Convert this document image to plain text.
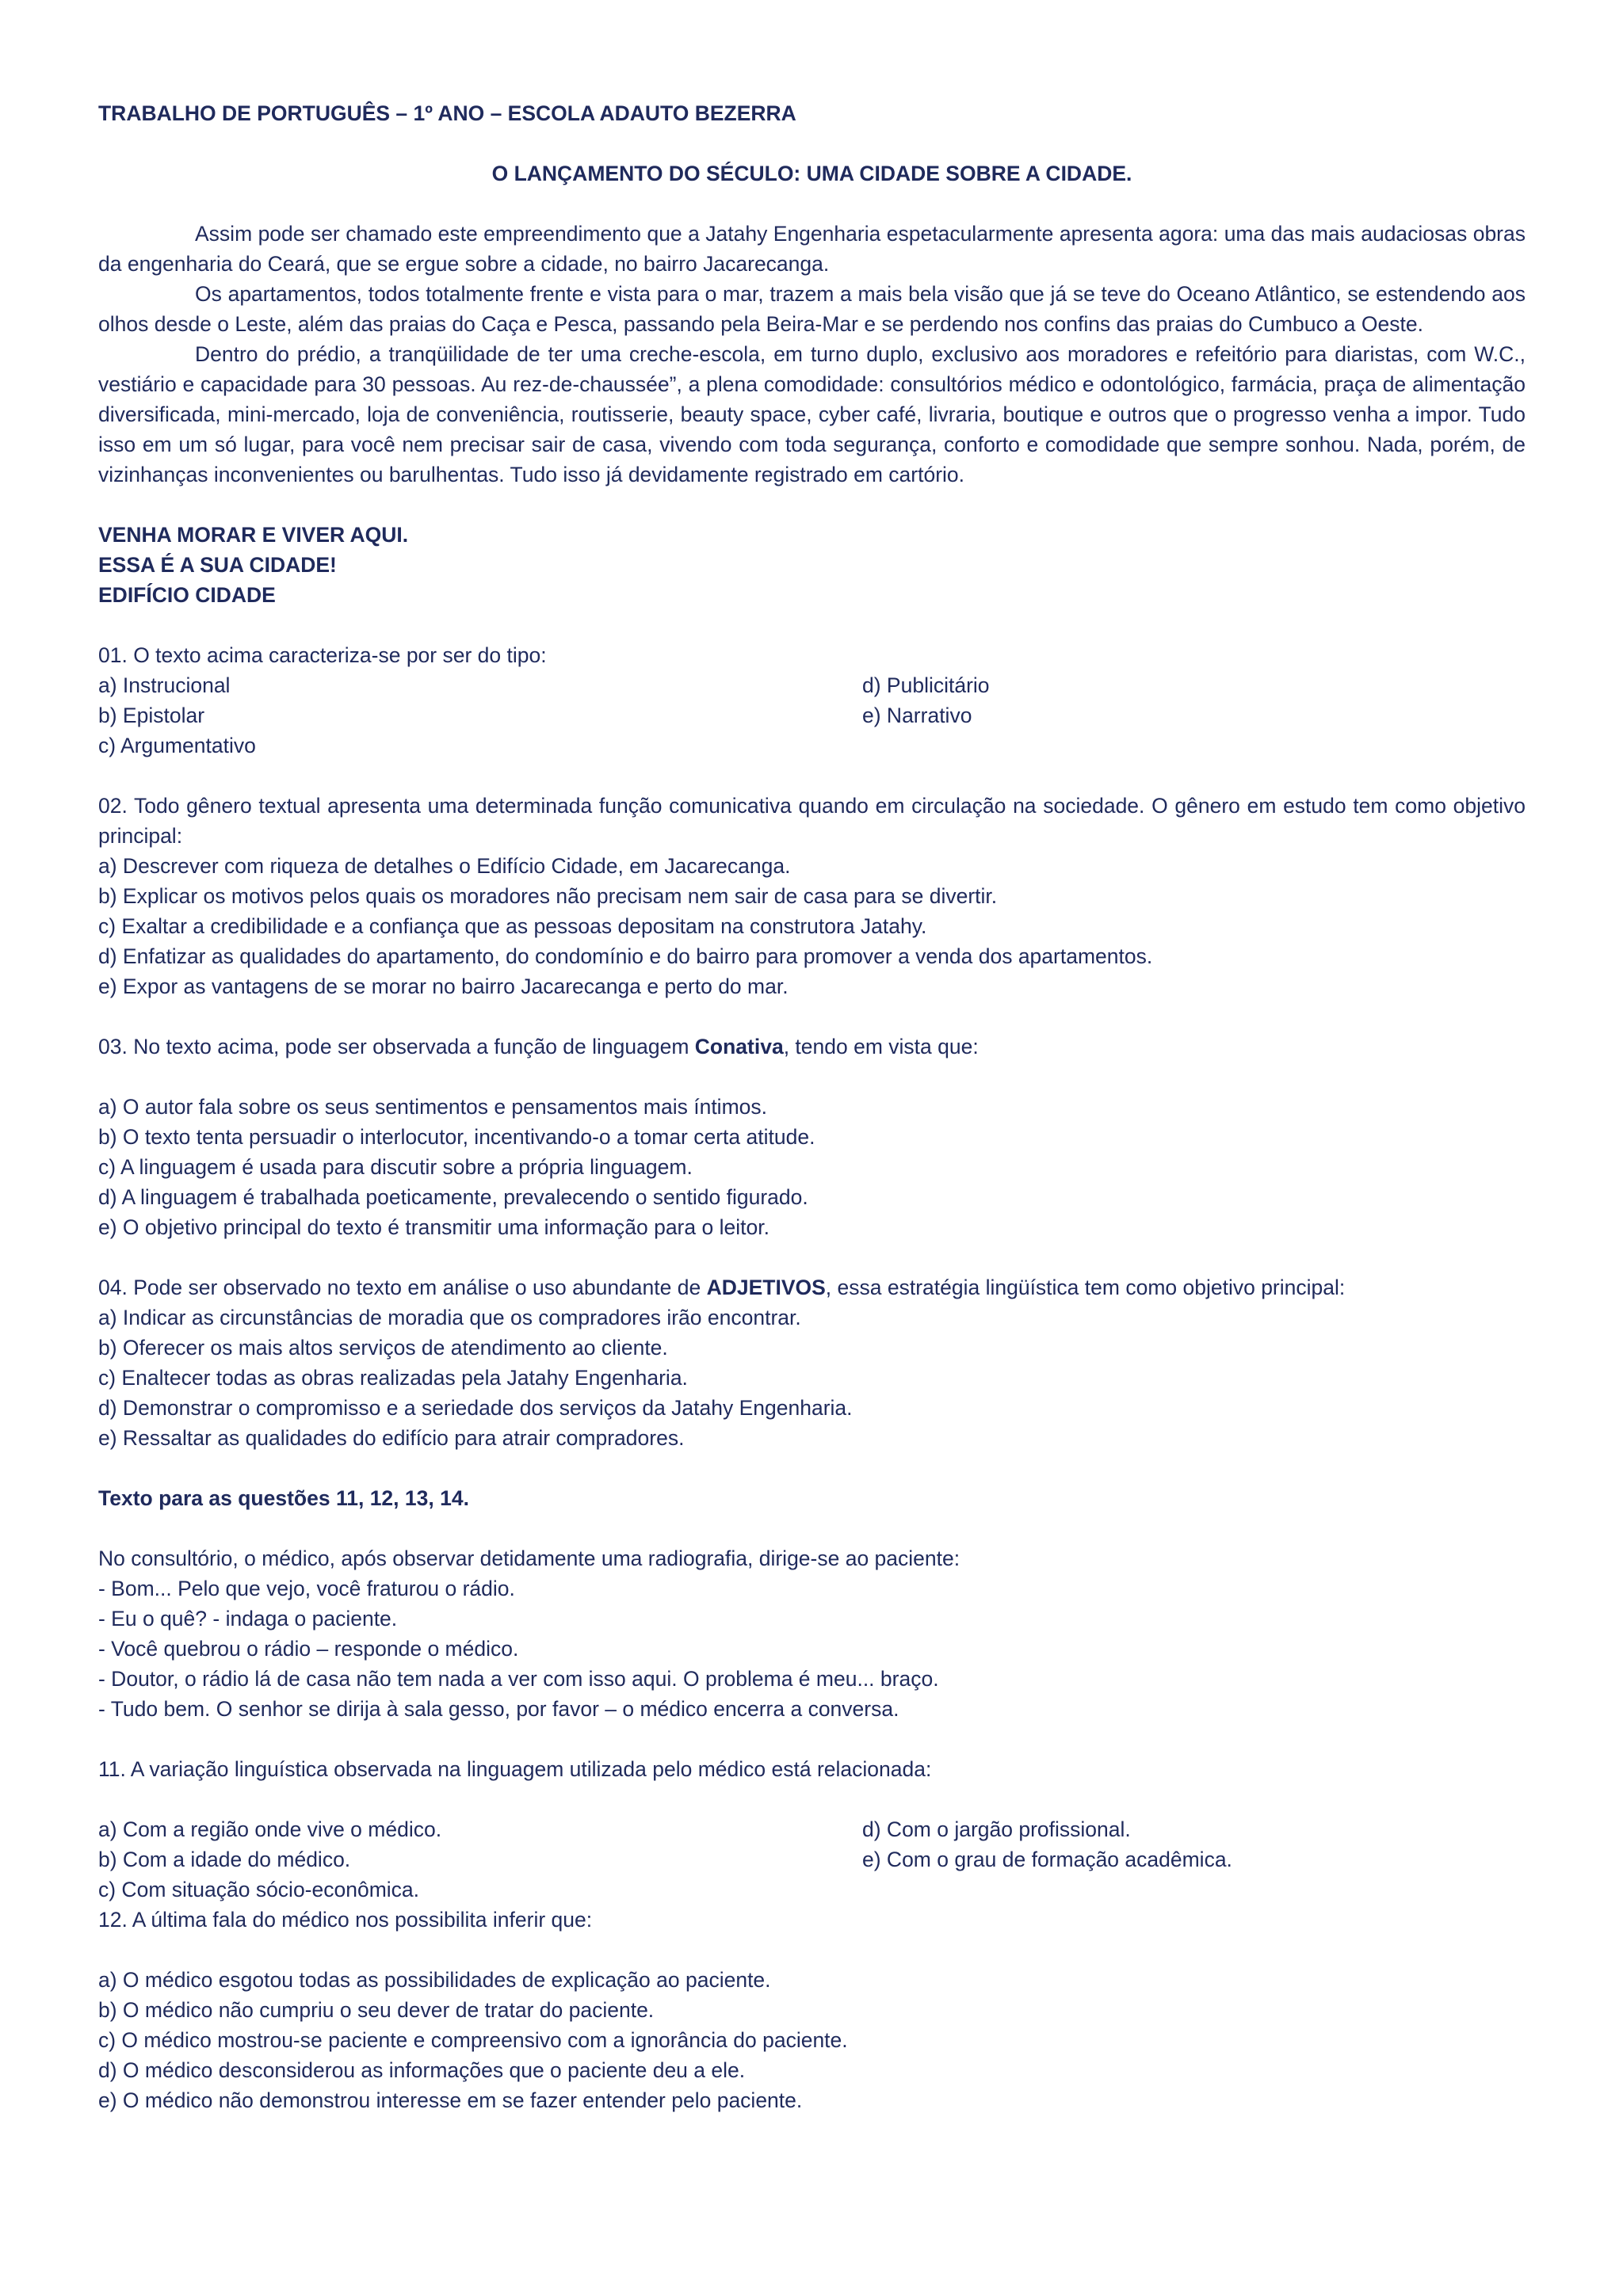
TRABALHO DE PORTUGUÊS – 1º ANO – ESCOLA ADAUTO BEZERRA
O LANÇAMENTO DO SÉCULO: UMA CIDADE SOBRE A CIDADE.

Assim pode ser chamado este empreendimento que a Jatahy Engenharia espetacularmente apresenta agora: uma das mais audaciosas obras da engenharia do Ceará, que se ergue sobre a cidade, no bairro Jacarecanga.

Os apartamentos, todos totalmente frente e vista para o mar, trazem a mais bela visão que já se teve do Oceano Atlântico, se estendendo aos olhos desde o Leste, além das praias do Caça e Pesca, passando pela Beira-Mar e se perdendo nos confins das praias do Cumbuco a Oeste.

Dentro do prédio, a tranqüilidade de ter uma creche-escola, em turno duplo, exclusivo aos moradores e refeitório para diaristas, com W.C., vestiário e capacidade para 30 pessoas. Au rez-de-chaussée”, a plena comodidade: consultórios médico e odontológico, farmácia, praça de alimentação diversificada, mini-mercado, loja de conveniência, routisserie, beauty space, cyber café, livraria, boutique e outros que o progresso venha a impor. Tudo isso em um só lugar, para você nem precisar sair de casa, vivendo com toda segurança, conforto e comodidade que sempre sonhou. Nada, porém, de vizinhanças inconvenientes ou barulhentas. Tudo isso já devidamente registrado em cartório.

VENHA MORAR E VIVER AQUI.
ESSA É A SUA CIDADE!
EDIFÍCIO CIDADE
01. O texto acima caracteriza-se por ser do tipo:
a) Instrucional
b) Epistolar
c) Argumentativo
d) Publicitário
e) Narrativo
02. Todo gênero textual apresenta uma determinada função comunicativa quando em circulação na sociedade. O gênero em estudo tem como objetivo principal:
a) Descrever com riqueza de detalhes o Edifício Cidade, em Jacarecanga.
b) Explicar os motivos pelos quais os moradores não precisam nem sair de casa para se divertir.
c) Exaltar a credibilidade e a confiança que as pessoas depositam na construtora Jatahy.
d) Enfatizar as qualidades do apartamento, do condomínio e do bairro para promover a venda dos apartamentos.
e) Expor as vantagens de se morar no bairro Jacarecanga e perto do mar.
03. No texto acima, pode ser observada a função de linguagem Conativa, tendo em vista que:
a) O autor fala sobre os seus sentimentos e pensamentos mais íntimos.
b) O texto tenta persuadir o interlocutor, incentivando-o a tomar certa atitude.
c) A linguagem é usada para discutir sobre a própria linguagem.
d) A linguagem é trabalhada poeticamente, prevalecendo o sentido figurado.
e) O objetivo principal do texto é transmitir uma informação para o leitor.
04. Pode ser observado no texto em análise o uso abundante de ADJETIVOS, essa estratégia lingüística tem como objetivo principal:
a) Indicar as circunstâncias de moradia que os compradores irão encontrar.
b) Oferecer os mais altos serviços de atendimento ao cliente.
c) Enaltecer todas as obras realizadas pela Jatahy Engenharia.
d) Demonstrar o compromisso e a seriedade dos serviços da Jatahy Engenharia.
e) Ressaltar as qualidades do edifício para atrair compradores.
Texto para as questões 11, 12, 13, 14.
No consultório, o médico, após observar detidamente uma radiografia, dirige-se ao paciente:
- Bom... Pelo que vejo, você fraturou o rádio.
- Eu o quê? - indaga o paciente.
- Você quebrou o rádio – responde o médico.
- Doutor, o rádio lá de casa não tem nada a ver com isso aqui. O problema é meu... braço.
- Tudo bem. O senhor se dirija à sala gesso, por favor – o médico encerra a conversa.
11. A variação linguística observada na linguagem utilizada pelo médico está relacionada:
a) Com a região onde vive o médico.
b) Com a idade do médico.
c) Com situação sócio-econômica.
d) Com o jargão profissional.
e) Com o grau de formação acadêmica.
12. A última fala do médico nos possibilita inferir que:
a) O médico esgotou todas as possibilidades de explicação ao paciente.
b) O médico não cumpriu o seu dever de tratar do paciente.
c) O médico mostrou-se paciente e compreensivo com a ignorância do paciente.
d) O médico desconsiderou as informações que o paciente deu a ele.
e) O médico não demonstrou interesse em se fazer entender pelo paciente.
